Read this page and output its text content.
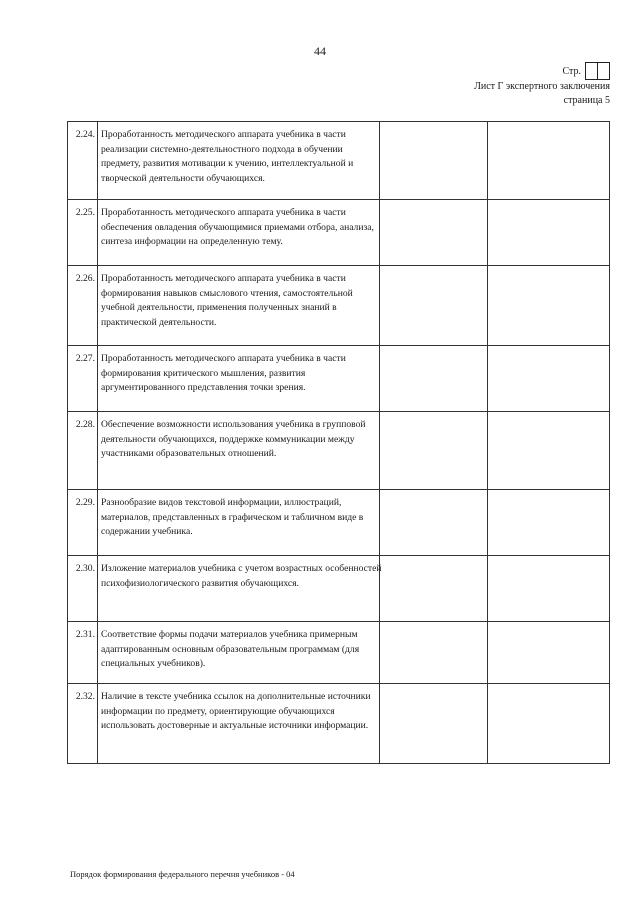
44
Стр.
Лист Г экспертного заключения
страница 5
2.24.	Проработанность методического аппарата учебника в части реализации системно-деятельностного подхода в обучении предмету, развития мотивации к учению, интеллектуальной и творческой деятельности обучающихся.		

2.25.	Проработанность методического аппарата учебника в части обеспечения овладения обучающимися приемами отбора, анализа, синтеза информации на определенную тему.		

2.26.	Проработанность методического аппарата учебника в части формирования навыков смыслового чтения, самостоятельной учебной деятельности, применения полученных знаний в практической деятельности.		

2.27.	Проработанность методического аппарата учебника в части формирования критического мышления, развития аргументированного представления точки зрения.		

2.28.	Обеспечение возможности использования учебника в групповой деятельности обучающихся, поддержке коммуникации между участниками образовательных отношений.		

2.29.	Разнообразие видов текстовой информации, иллюстраций, материалов, представленных в графическом и табличном виде в содержании учебника.		

2.30.	Изложение материалов учебника с учетом возрастных особенностей психофизиологического развития обучающихся.		

2.31.	Соответствие формы подачи материалов учебника примерным адаптированным основным образовательным программам (для специальных учебников).		

2.32.	Наличие в тексте учебника ссылок на дополнительные источники информации по предмету, ориентирующие обучающихся использовать достоверные и актуальные источники информации.		

Порядок формирования федерального перечня учебников - 04
